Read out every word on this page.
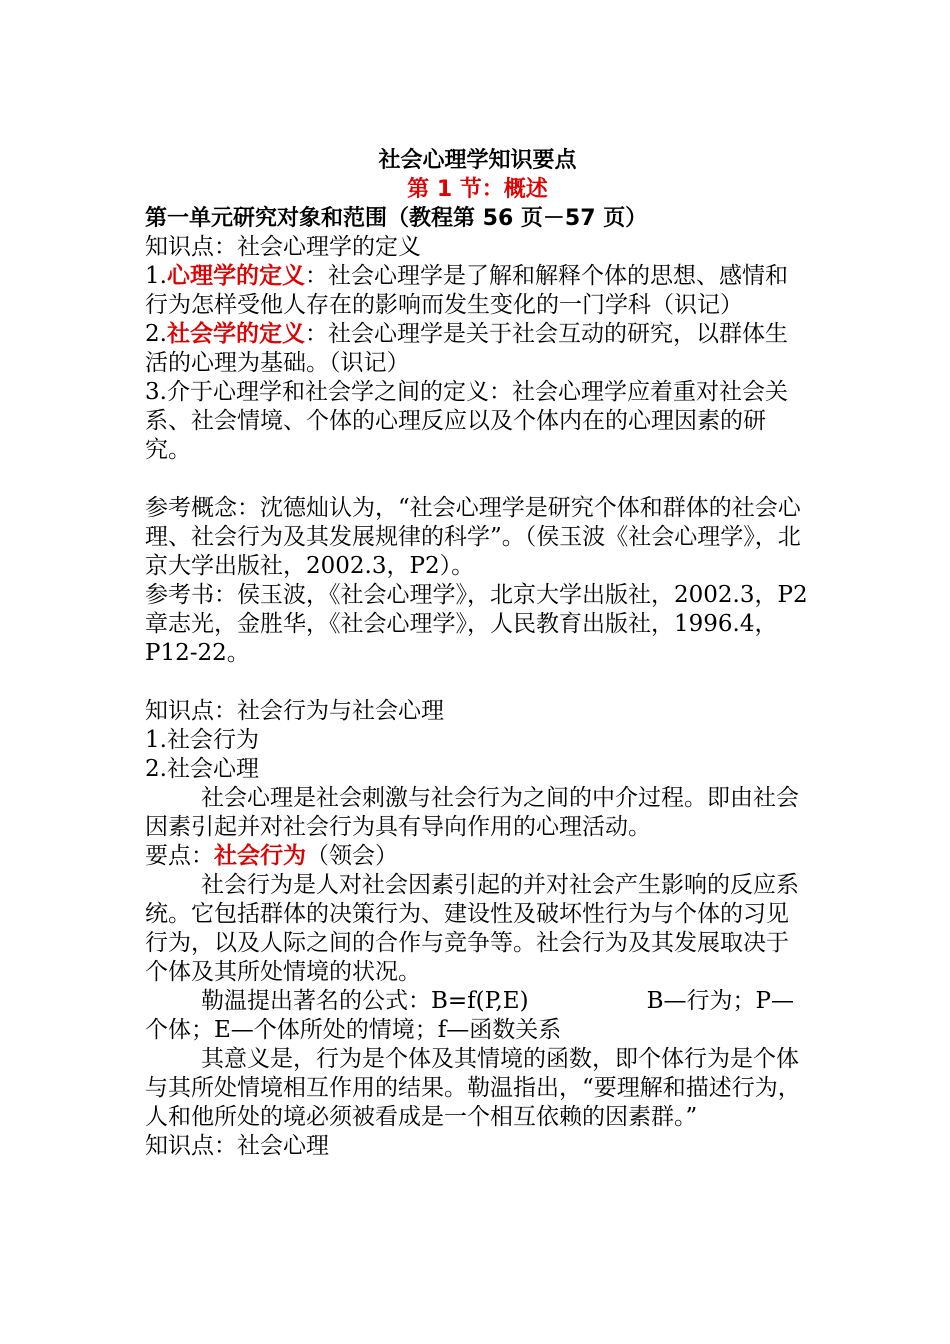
社会心理学知识要点

第 1 节：概述

第一单元研究对象和范围（教程第 56 页－57 页）

知识点：社会心理学的定义

1.心理学的定义：社会心理学是了解和解释个体的思想、感情和行为怎样受他人存在的影响而发生变化的一门学科（识记）

2.社会学的定义：社会心理学是关于社会互动的研究，以群体生活的心理为基础。（识记）

3.介于心理学和社会学之间的定义：社会心理学应着重对社会关系、社会情境、个体的心理反应以及个体内在的心理因素的研究。

参考概念：沈德灿认为，“社会心理学是研究个体和群体的社会心理、社会行为及其发展规律的科学”。（侯玉波《社会心理学》，北京大学出版社，2002.3，P2）。

参考书：侯玉波，《社会心理学》，北京大学出版社，2002.3，P2 章志光，金胜华，《社会心理学》，人民教育出版社，1996.4，P12-22。

知识点：社会行为与社会心理

1.社会行为

2.社会心理

社会心理是社会刺激与社会行为之间的中介过程。即由社会因素引起并对社会行为具有导向作用的心理活动。

要点：社会行为（领会）

社会行为是人对社会因素引起的并对社会产生影响的反应系统。它包括群体的决策行为、建设性及破坏性行为与个体的习见行为，以及人际之间的合作与竞争等。社会行为及其发展取决于个体及其所处情境的状况。

勒温提出著名的公式：B=f(P,E)	B—行为；P—个体；E—个体所处的情境；f—函数关系

其意义是，行为是个体及其情境的函数，即个体行为是个体与其所处情境相互作用的结果。勒温指出，“要理解和描述行为，人和他所处的境必须被看成是一个相互依赖的因素群。”

知识点：社会心理
